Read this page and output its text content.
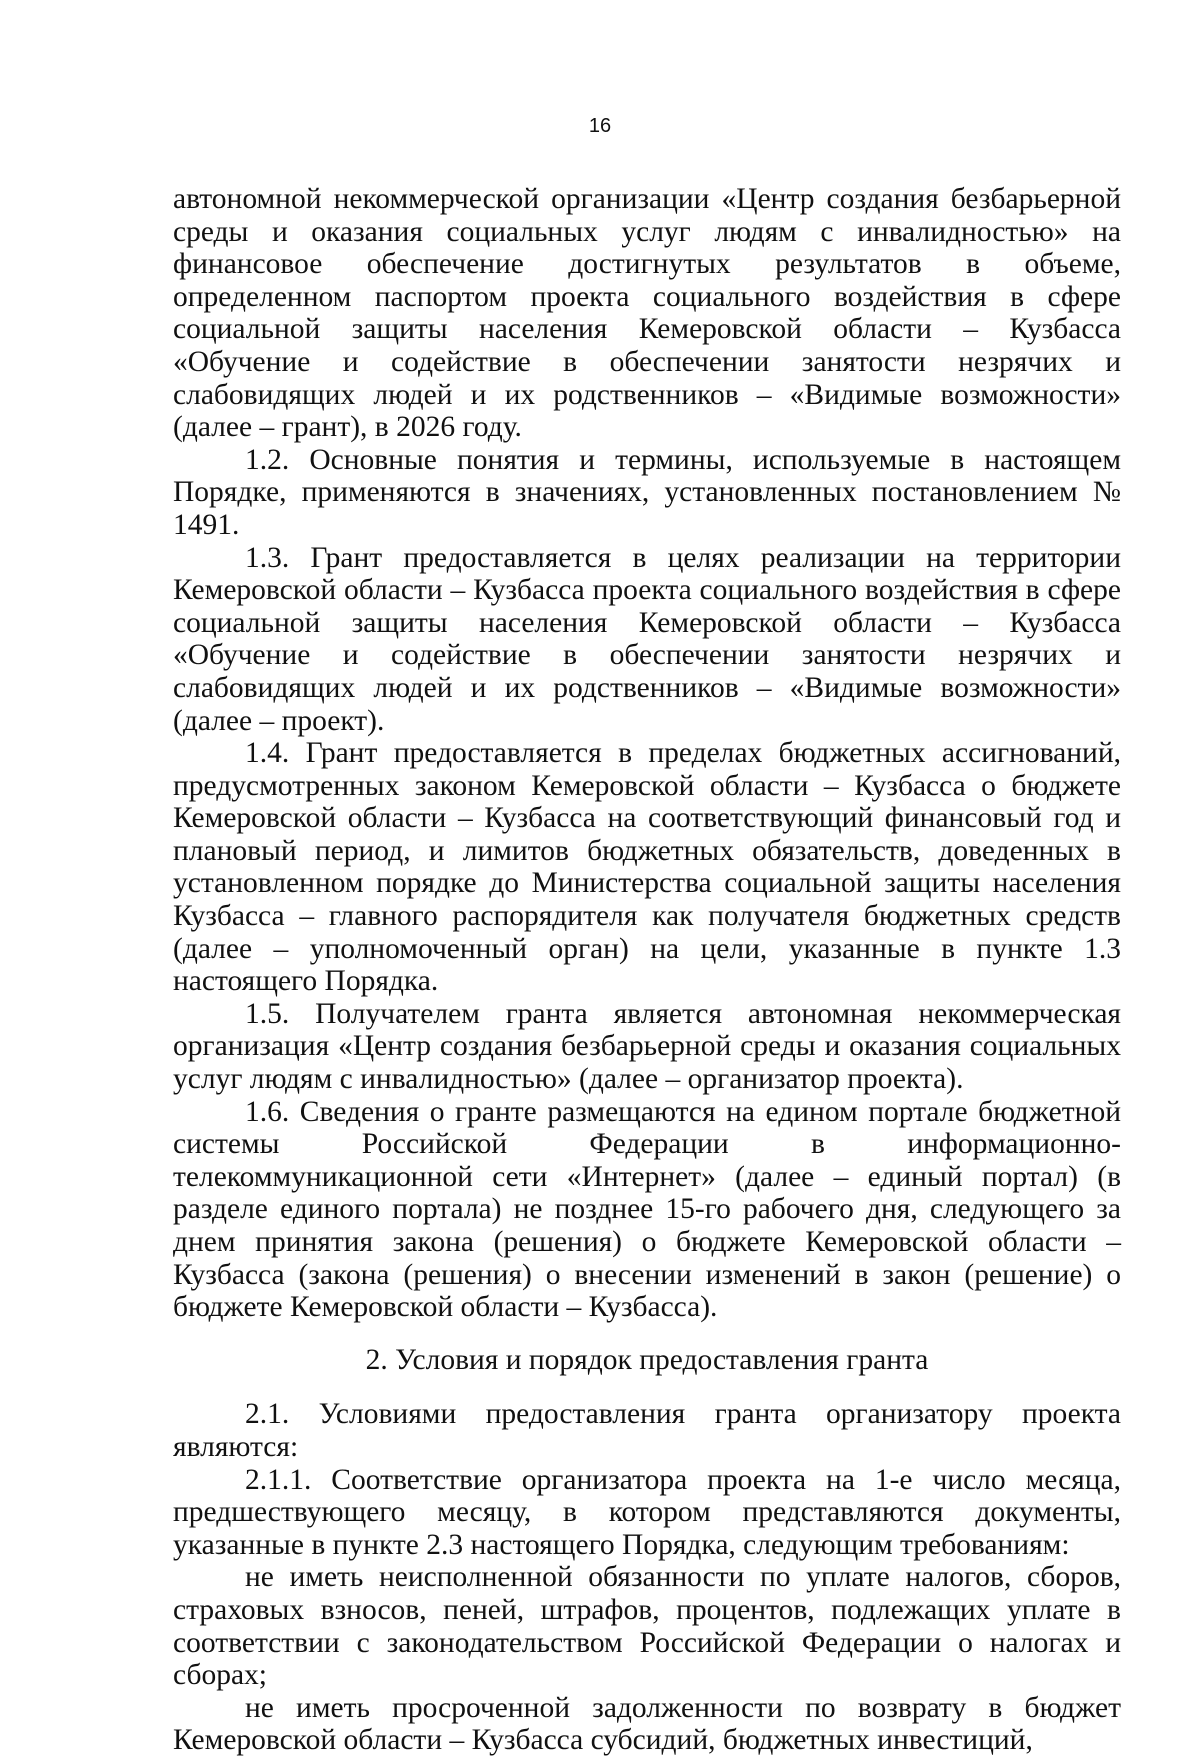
16

автономной некоммерческой организации «Центр создания безбарьерной среды и оказания социальных услуг людям с инвалидностью» на финансовое обеспечение достигнутых результатов в объеме, определенном паспортом проекта социального воздействия в сфере социальной защиты населения Кемеровской области – Кузбасса «Обучение и содействие в обеспечении занятости незрячих и слабовидящих людей и их родственников – «Видимые возможности» (далее – грант), в 2026 году.

1.2. Основные понятия и термины, используемые в настоящем Порядке, применяются в значениях, установленных постановлением № 1491.

1.3. Грант предоставляется в целях реализации на территории Кемеровской области – Кузбасса проекта социального воздействия в сфере социальной защиты населения Кемеровской области – Кузбасса «Обучение и содействие в обеспечении занятости незрячих и слабовидящих людей и их родственников – «Видимые возможности» (далее – проект).

1.4. Грант предоставляется в пределах бюджетных ассигнований, предусмотренных законом Кемеровской области – Кузбасса о бюджете Кемеровской области – Кузбасса на соответствующий финансовый год и плановый период, и лимитов бюджетных обязательств, доведенных в установленном порядке до Министерства социальной защиты населения Кузбасса – главного распорядителя как получателя бюджетных средств (далее – уполномоченный орган) на цели, указанные в пункте 1.3 настоящего Порядка.

1.5. Получателем гранта является автономная некоммерческая организация «Центр создания безбарьерной среды и оказания социальных услуг людям с инвалидностью» (далее – организатор проекта).

1.6. Сведения о гранте размещаются на едином портале бюджетной системы Российской Федерации в информационно-телекоммуникационной сети «Интернет» (далее – единый портал) (в разделе единого портала) не позднее 15-го рабочего дня, следующего за днем принятия закона (решения) о бюджете Кемеровской области – Кузбасса (закона (решения) о внесении изменений в закон (решение) о бюджете Кемеровской области – Кузбасса).

2. Условия и порядок предоставления гранта

2.1. Условиями предоставления гранта организатору проекта являются:

2.1.1. Соответствие организатора проекта на 1-е число месяца, предшествующего месяцу, в котором представляются документы, указанные в пункте 2.3 настоящего Порядка, следующим требованиям:

не иметь неисполненной обязанности по уплате налогов, сборов, страховых взносов, пеней, штрафов, процентов, подлежащих уплате в соответствии с законодательством Российской Федерации о налогах и сборах;

не иметь просроченной задолженности по возврату в бюджет Кемеровской области – Кузбасса субсидий, бюджетных инвестиций,
